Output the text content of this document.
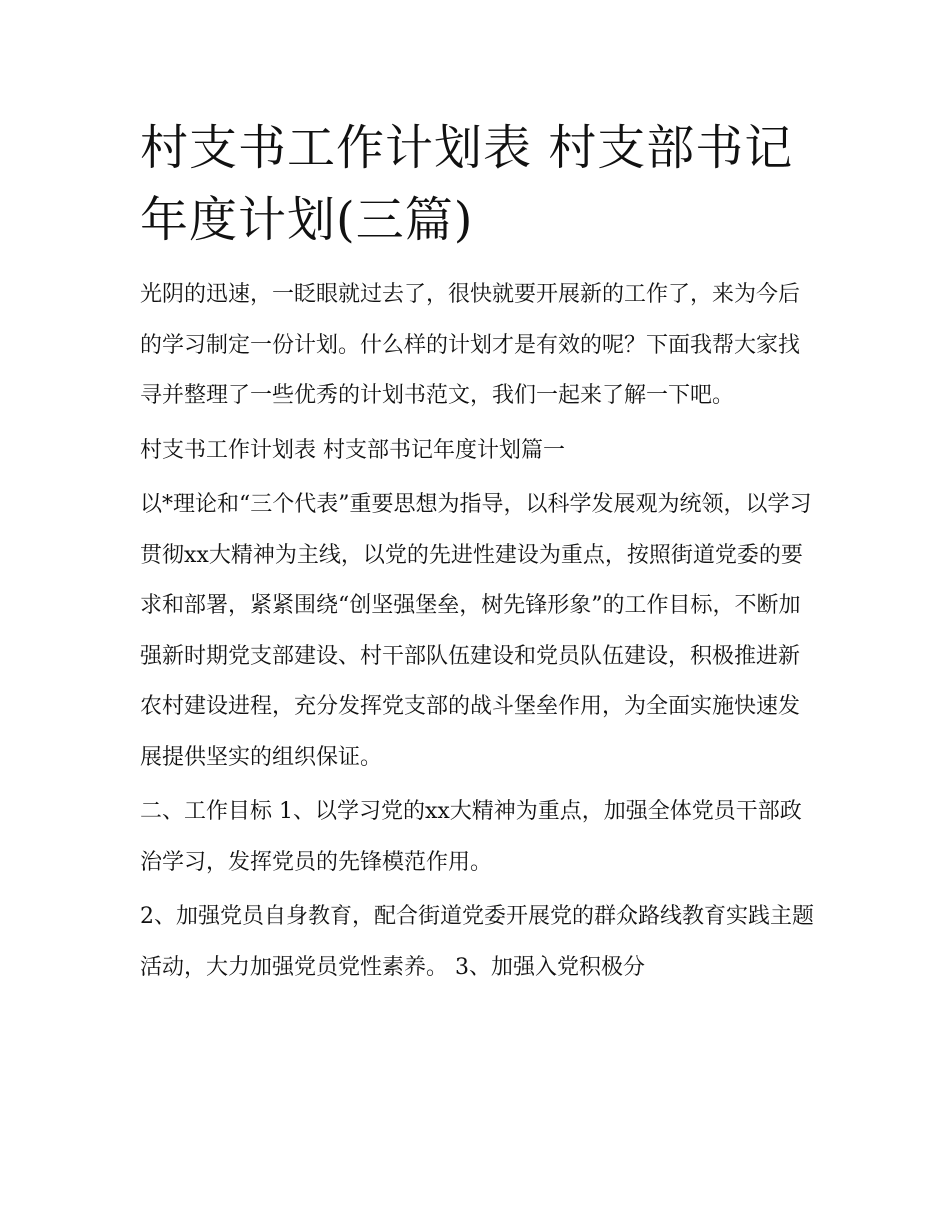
村支书工作计划表 村支部书记年度计划(三篇)

光阴的迅速，一眨眼就过去了，很快就要开展新的工作了，来为今后的学习制定一份计划。什么样的计划才是有效的呢？下面我帮大家找寻并整理了一些优秀的计划书范文，我们一起来了解一下吧。

村支书工作计划表 村支部书记年度计划篇一

以*理论和“三个代表”重要思想为指导，以科学发展观为统领，以学习贯彻xx大精神为主线，以党的先进性建设为重点，按照街道党委的要求和部署，紧紧围绕“创坚强堡垒，树先锋形象”的工作目标，不断加强新时期党支部建设、村干部队伍建设和党员队伍建设，积极推进新农村建设进程，充分发挥党支部的战斗堡垒作用，为全面实施快速发展提供坚实的组织保证。

二、工作目标 1、以学习党的xx大精神为重点，加强全体党员干部政治学习，发挥党员的先锋模范作用。

2、加强党员自身教育，配合街道党委开展党的群众路线教育实践主题活动，大力加强党员党性素养。 3、加强入党积极分
